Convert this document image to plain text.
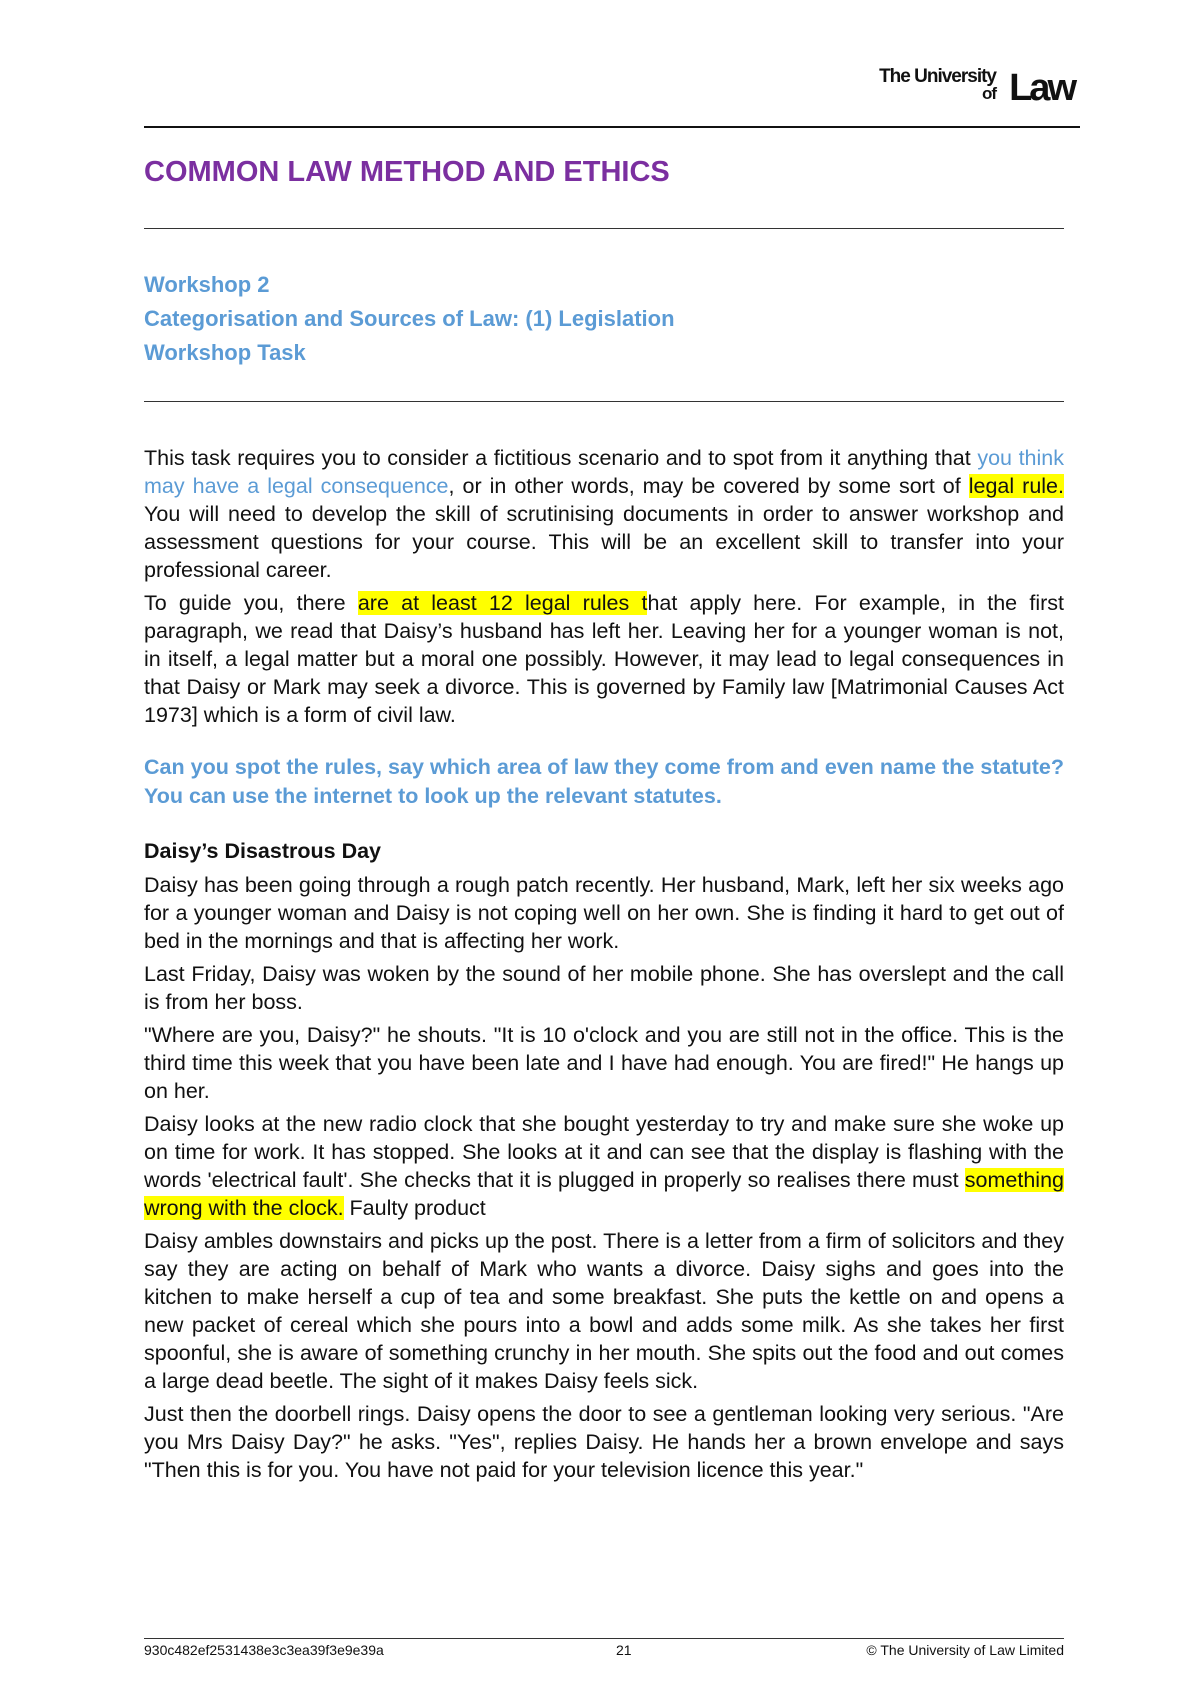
The University
of Law
COMMON LAW METHOD AND ETHICS
Workshop 2
Categorisation and Sources of Law: (1) Legislation
Workshop Task

This task requires you to consider a fictitious scenario and to spot from it anything that you think may have a legal consequence, or in other words, may be covered by some sort of legal rule. You will need to develop the skill of scrutinising documents in order to answer workshop and assessment questions for your course. This will be an excellent skill to transfer into your professional career.

To guide you, there are at least 12 legal rules that apply here. For example, in the first paragraph, we read that Daisy’s husband has left her. Leaving her for a younger woman is not, in itself, a legal matter but a moral one possibly. However, it may lead to legal consequences in that Daisy or Mark may seek a divorce. This is governed by Family law [Matrimonial Causes Act 1973] which is a form of civil law.

Can you spot the rules, say which area of law they come from and even name the statute? You can use the internet to look up the relevant statutes.

Daisy’s Disastrous Day

Daisy has been going through a rough patch recently. Her husband, Mark, left her six weeks ago for a younger woman and Daisy is not coping well on her own. She is finding it hard to get out of bed in the mornings and that is affecting her work.

Last Friday, Daisy was woken by the sound of her mobile phone. She has overslept and the call is from her boss.

"Where are you, Daisy?" he shouts. "It is 10 o'clock and you are still not in the office. This is the third time this week that you have been late and I have had enough. You are fired!" He hangs up on her.

Daisy looks at the new radio clock that she bought yesterday to try and make sure she woke up on time for work. It has stopped. She looks at it and can see that the display is flashing with the words 'electrical fault'. She checks that it is plugged in properly so realises there must something wrong with the clock. Faulty product

Daisy ambles downstairs and picks up the post. There is a letter from a firm of solicitors and they say they are acting on behalf of Mark who wants a divorce. Daisy sighs and goes into the kitchen to make herself a cup of tea and some breakfast. She puts the kettle on and opens a new packet of cereal which she pours into a bowl and adds some milk. As she takes her first spoonful, she is aware of something crunchy in her mouth. She spits out the food and out comes a large dead beetle. The sight of it makes Daisy feels sick.

Just then the doorbell rings. Daisy opens the door to see a gentleman looking very serious. "Are you Mrs Daisy Day?" he asks. "Yes", replies Daisy. He hands her a brown envelope and says "Then this is for you. You have not paid for your television licence this year."

930c482ef2531438e3c3ea39f3e9e39a	21	© The University of Law Limited
